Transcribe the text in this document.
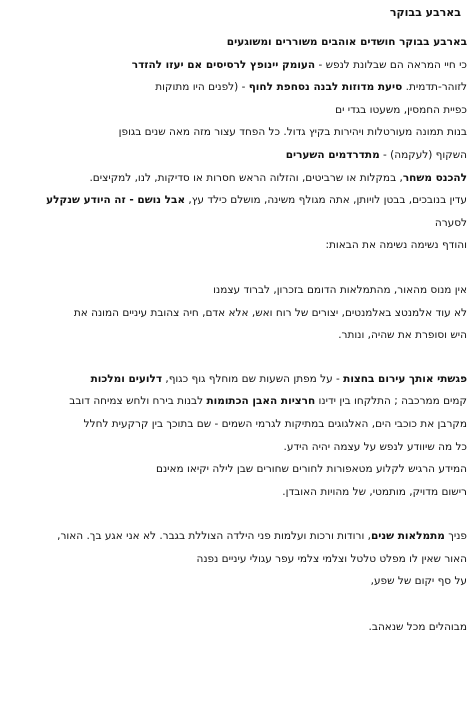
בארבע בבוקר

בארבע בבוקר חושדים אוהבים משוררים ומשוגעים

כי חיי המראה הם שבלונת לנפש - העומק יינופץ לרסיסים אם יעזו להזדר

לזוהר-תדמית. סיעת מדוזות לבנה נסחפת לחוף - (לפנים היו מתוקות

כפיית החמסין, משעטו בגדי ים

בנות תמונה מעורטלות ויהירות בקיץ גדול. כל הפחד עצור מזה מאה שנים בגופן

השקוף (לעקמה) - מתדרדמים השערים

להכנס משחר, במקלות או שרביטים, והזלוה הראש חסרות או סדיקות, לנו, למקיצים.

עדין בנובכים, בבטן לויותן, אתה מגולף משינה, מושלם כילד עץ, אבל נושם - זה היודע שנקלע

לסערה

והודף נשימה נשימה את הבאות:

אין מנוס מהאור, מהתמלאות הדומם בזכרון, לברוד עצמנו

לא עוד אלמנטצ באלמנטים, יצורים של רוח ואש, אלא אדם, חיה צהובת עיניים המונה את

היש וסופרת את שהיה, ונותר.

פגשתי אותך עירום בחצות - על מפתן השעות שם מוחלף גוף כגוף, דלועים ומלכות

קמים ממרכבה ; התלקחו בין ידינו חרציות האבן הכתומות לבנות בירח ולחש צמיחה דובב

מקרבן את כוכבי הים, האלגוגים במתיקות לגרמי השמים - שם בתוכך בין קרקעית לחלל

כל מה שיוודע לנפש על עצמה יהיה הידע.

המידע הרגיש לקלוע מטאפורות לחורים שחורים שבן לילה יקיאו מאינם

רישום מדויק, מותמטי, של מהויות האובדן.

פניך מתמלאות שנים, ורודות ורכות ועלמות פני הילדה הצוללת בגבר. לא אני אגע בך. האור,

האור שאין לו מפלט טלטל וצלמי צלמי עפר עגולי עיניים נפנה

על סף יקום של שפע,

מבוהלים מכל שנאהב.
